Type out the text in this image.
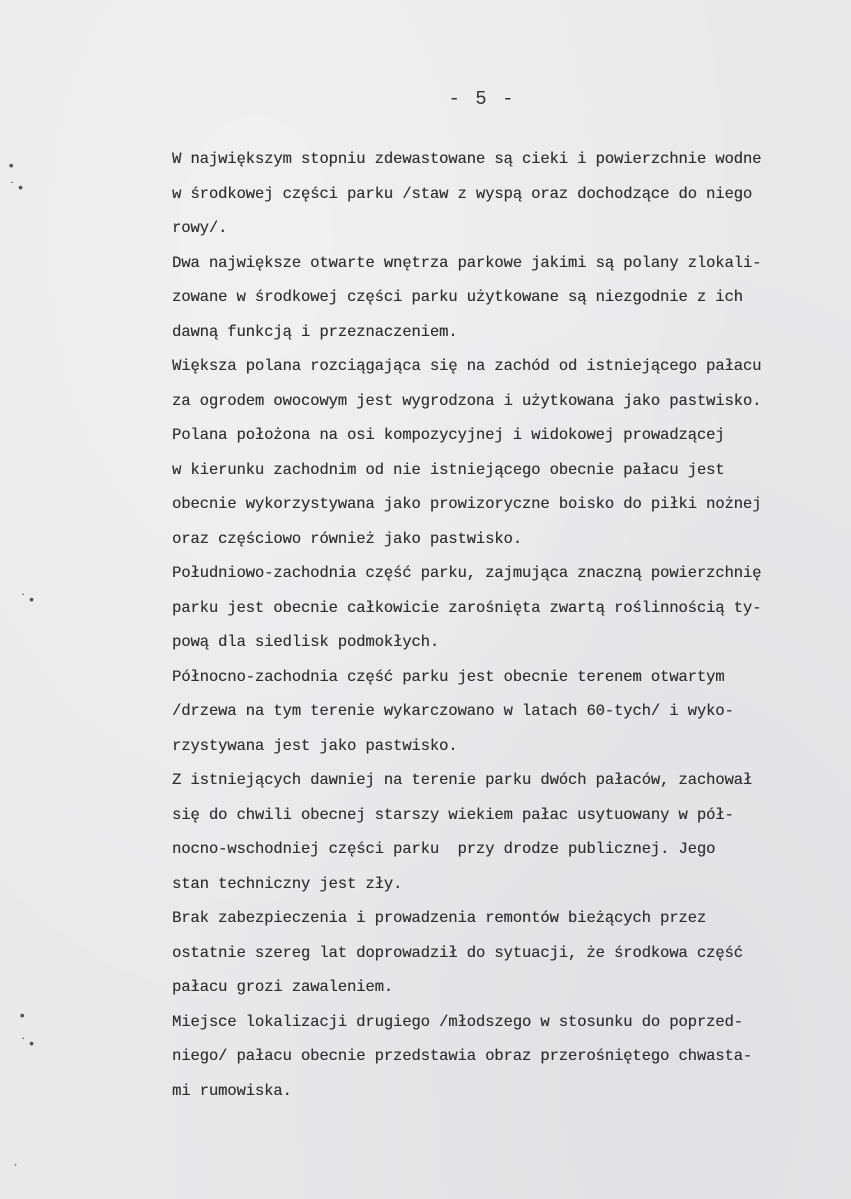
- 5 -
•
˙•
˙•
•
˙•
¸
W największym stopniu zdewastowane są cieki i powierzchnie wodne
w środkowej części parku /staw z wyspą oraz dochodzące do niego
rowy/.
Dwa największe otwarte wnętrza parkowe jakimi są polany zlokali-
zowane w środkowej części parku użytkowane są niezgodnie z ich
dawną funkcją i przeznaczeniem.
Większa polana rozciągająca się na zachód od istniejącego pałacu
za ogrodem owocowym jest wygrodzona i użytkowana jako pastwisko.
Polana położona na osi kompozycyjnej i widokowej prowadzącej
w kierunku zachodnim od nie istniejącego obecnie pałacu jest
obecnie wykorzystywana jako prowizoryczne boisko do piłki nożnej
oraz częściowo również jako pastwisko.
Południowo-zachodnia część parku, zajmująca znaczną powierzchnię
parku jest obecnie całkowicie zarośnięta zwartą roślinnością ty-
pową dla siedlisk podmokłych.
Północno-zachodnia część parku jest obecnie terenem otwartym
/drzewa na tym terenie wykarczowano w latach 60-tych/ i wyko-
rzystywana jest jako pastwisko.
Z istniejących dawniej na terenie parku dwóch pałaców, zachował
się do chwili obecnej starszy wiekiem pałac usytuowany w pół-
nocno-wschodniej części parku  przy drodze publicznej. Jego
stan techniczny jest zły.
Brak zabezpieczenia i prowadzenia remontów bieżących przez
ostatnie szereg lat doprowadził do sytuacji, że środkowa część
pałacu grozi zawaleniem.
Miejsce lokalizacji drugiego /młodszego w stosunku do poprzed-
niego/ pałacu obecnie przedstawia obraz przerośniętego chwasta-
mi rumowiska.
